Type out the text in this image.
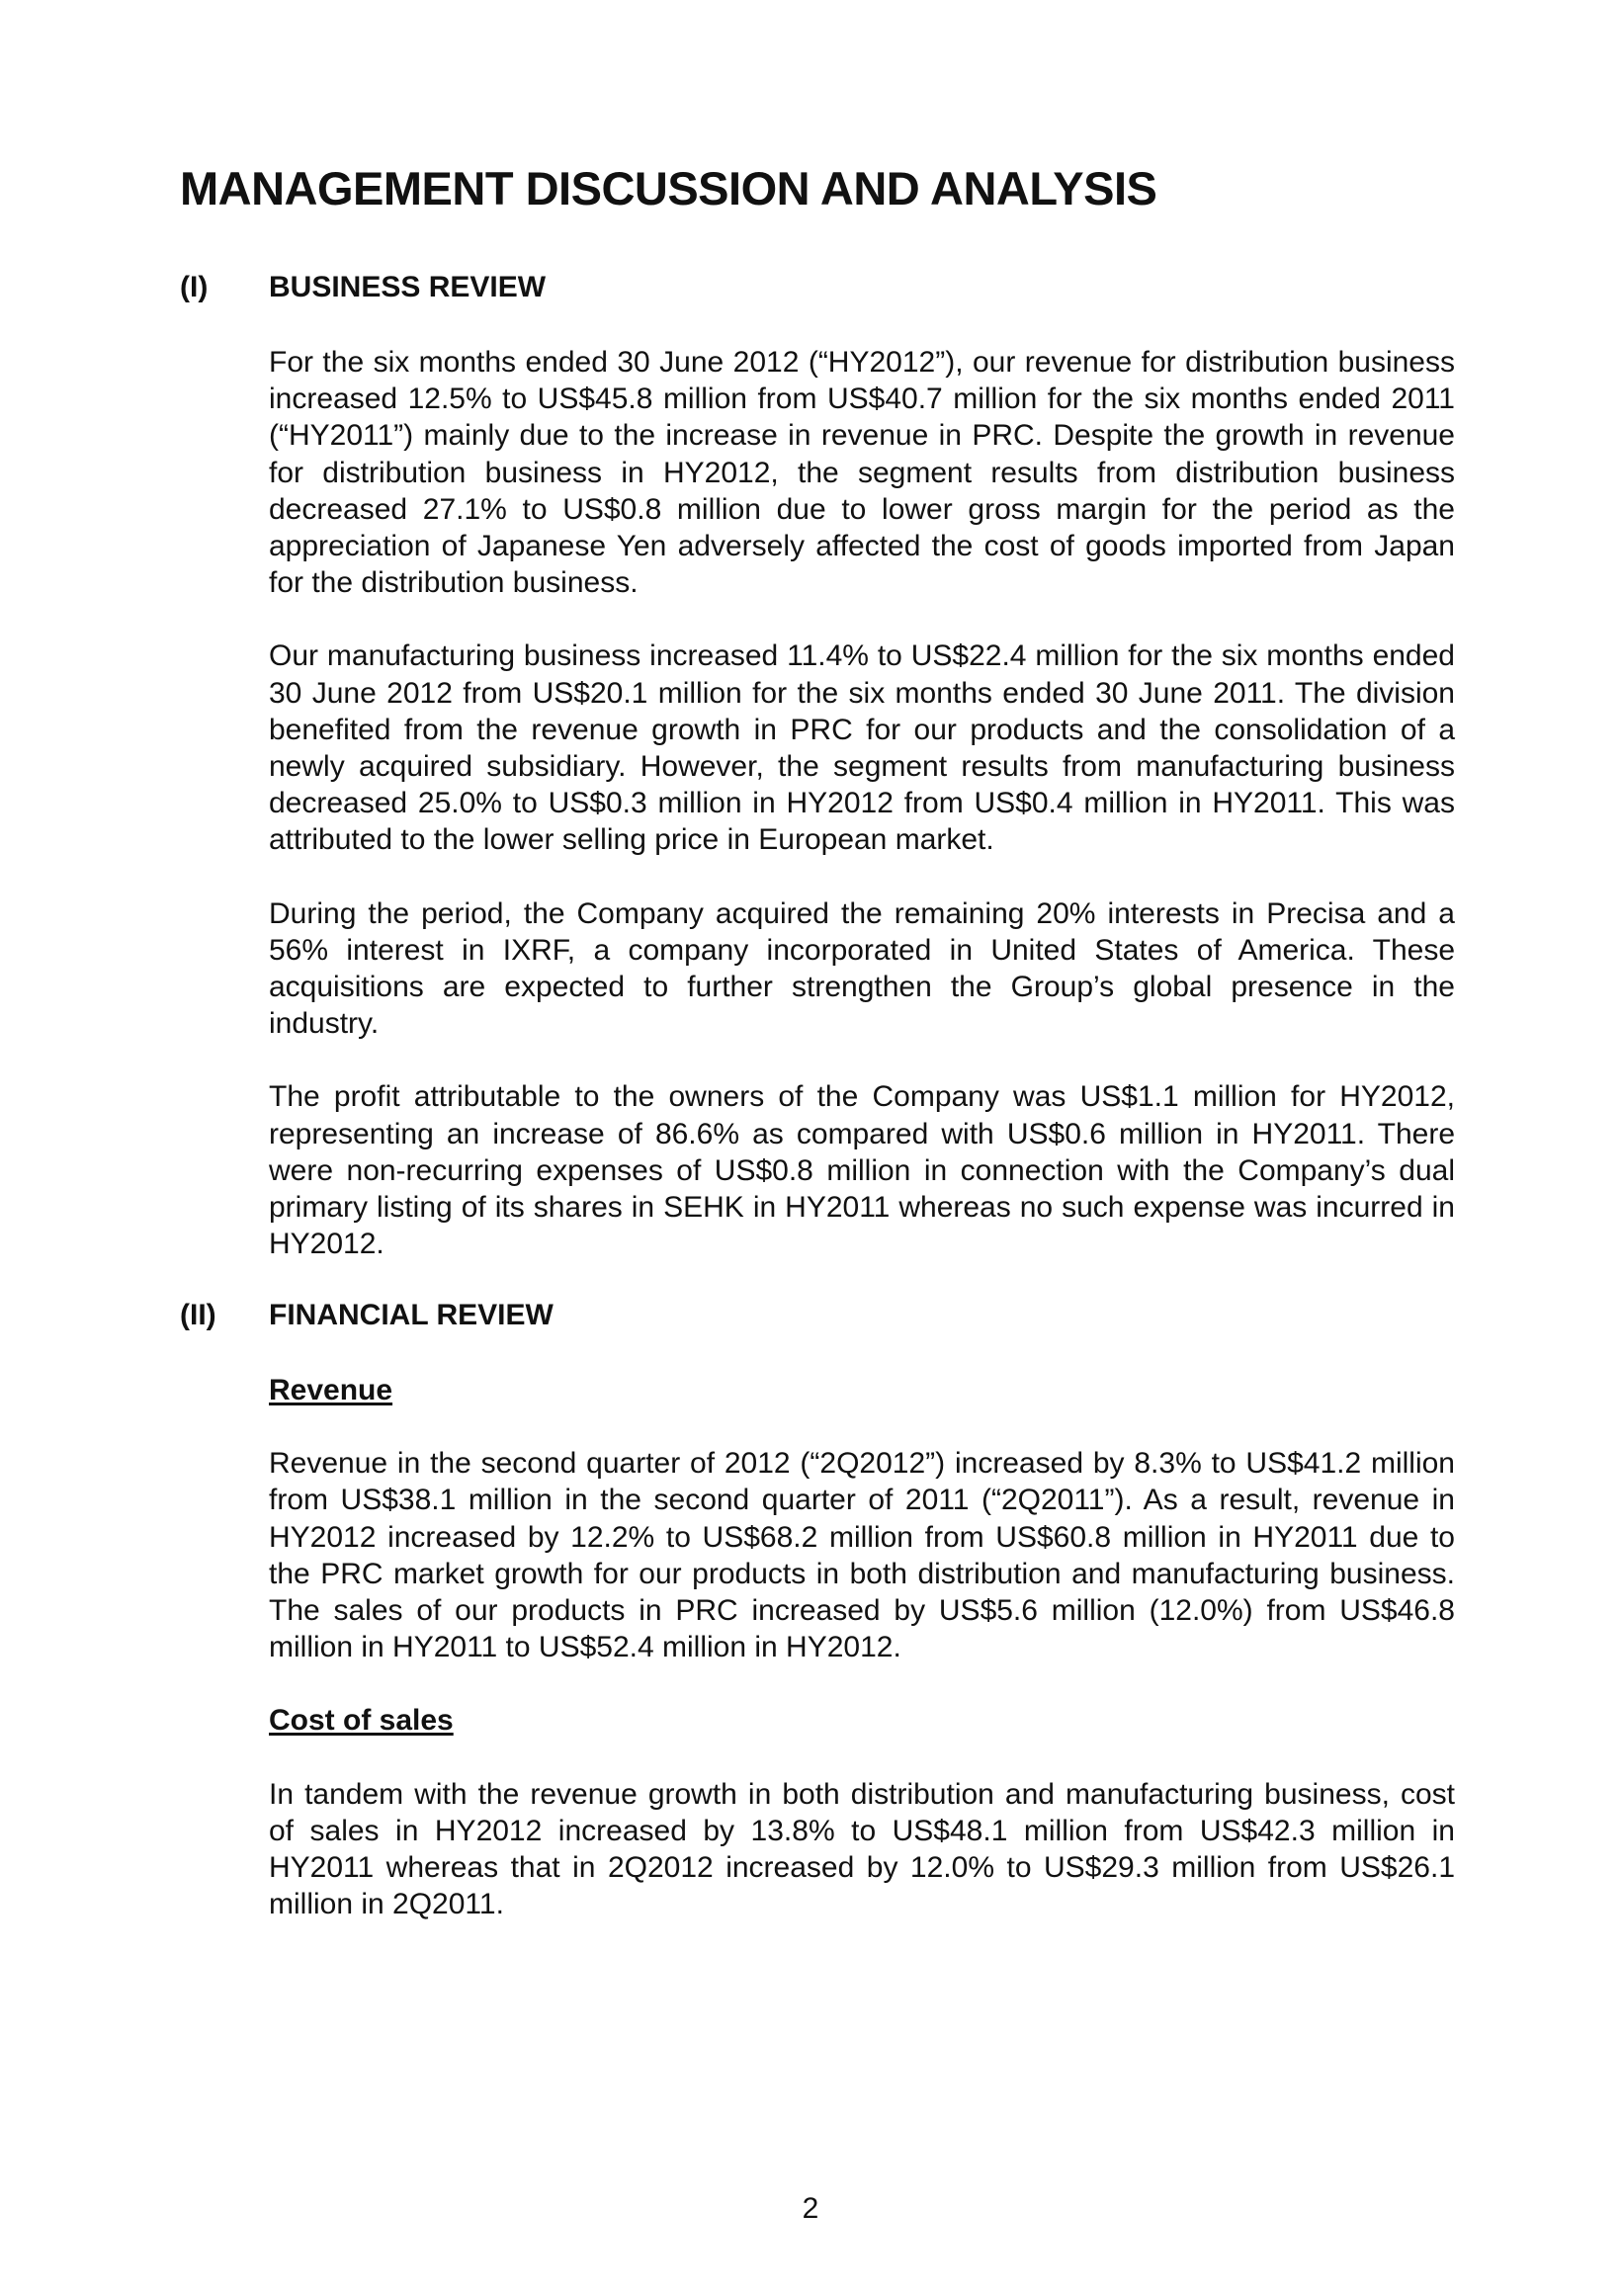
MANAGEMENT DISCUSSION AND ANALYSIS
(I) BUSINESS REVIEW

For the six months ended 30 June 2012 (“HY2012”), our revenue for distribution business increased 12.5% to US$45.8 million from US$40.7 million for the six months ended 2011 (“HY2011”) mainly due to the increase in revenue in PRC. Despite the growth in revenue for distribution business in HY2012, the segment results from distribution business decreased 27.1% to US$0.8 million due to lower gross margin for the period as the appreciation of Japanese Yen adversely affected the cost of goods imported from Japan for the distribution business.

Our manufacturing business increased 11.4% to US$22.4 million for the six months ended 30 June 2012 from US$20.1 million for the six months ended 30 June 2011. The division benefited from the revenue growth in PRC for our products and the consolidation of a newly acquired subsidiary. However, the segment results from manufacturing business decreased 25.0% to US$0.3 million in HY2012 from US$0.4 million in HY2011. This was attributed to the lower selling price in European market.

During the period, the Company acquired the remaining 20% interests in Precisa and a 56% interest in IXRF, a company incorporated in United States of America. These acquisitions are expected to further strengthen the Group’s global presence in the industry.

The profit attributable to the owners of the Company was US$1.1 million for HY2012, representing an increase of 86.6% as compared with US$0.6 million in HY2011. There were non-recurring expenses of US$0.8 million in connection with the Company’s dual primary listing of its shares in SEHK in HY2011 whereas no such expense was incurred in HY2012.

(II) FINANCIAL REVIEW
Revenue

Revenue in the second quarter of 2012 (“2Q2012”) increased by 8.3% to US$41.2 million from US$38.1 million in the second quarter of 2011 (“2Q2011”). As a result, revenue in HY2012 increased by 12.2% to US$68.2 million from US$60.8 million in HY2011 due to the PRC market growth for our products in both distribution and manufacturing business. The sales of our products in PRC increased by US$5.6 million (12.0%) from US$46.8 million in HY2011 to US$52.4 million in HY2012.

Cost of sales

In tandem with the revenue growth in both distribution and manufacturing business, cost of sales in HY2012 increased by 13.8% to US$48.1 million from US$42.3 million in HY2011 whereas that in 2Q2012 increased by 12.0% to US$29.3 million from US$26.1 million in 2Q2011.

2
